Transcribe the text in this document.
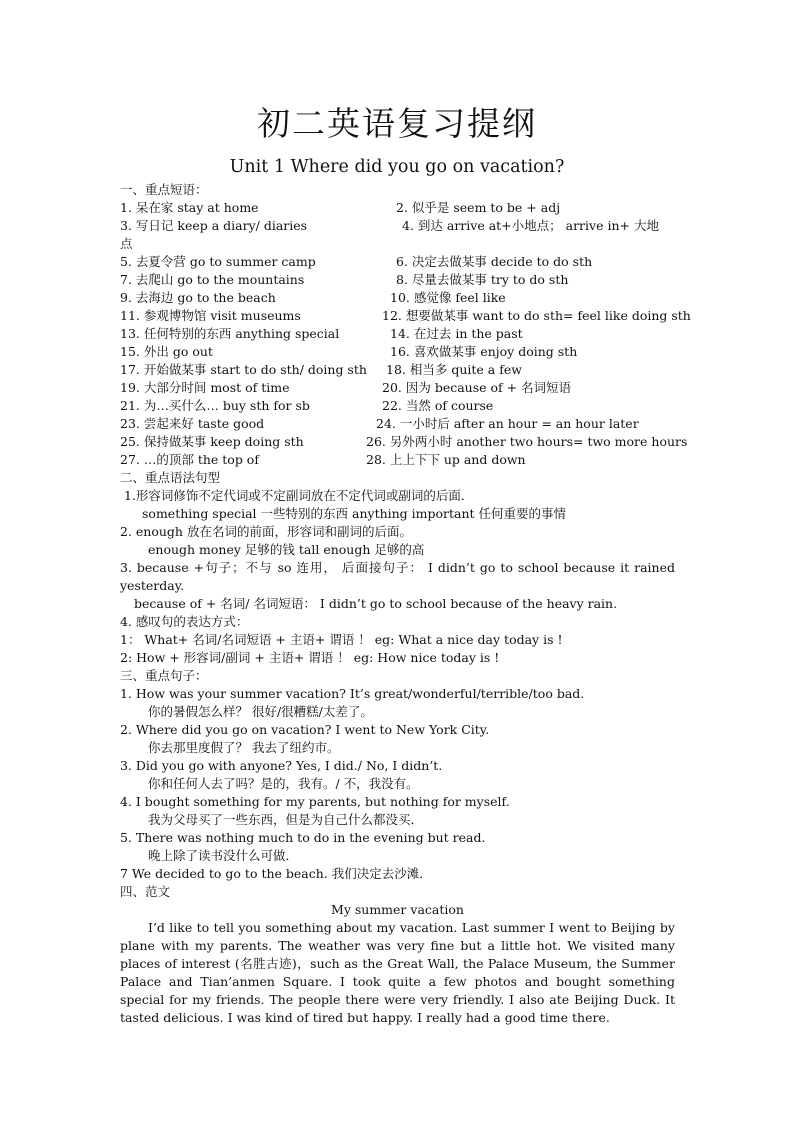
初二英语复习提纲
Unit 1 Where did you go on vacation?
一、重点短语：
1. 呆在家 stay at home	2. 似乎是 seem to be + adj
3. 写日记 keep a diary/ diaries	4. 到达 arrive at+小地点； arrive in+ 大地
点
5. 去夏令营 go to summer camp	6. 决定去做某事 decide to do sth
7. 去爬山 go to the mountains	8. 尽量去做某事 try to do sth
9. 去海边 go to the beach	10. 感觉像 feel like
11. 参观博物馆 visit museums	12. 想要做某事 want to do sth= feel like doing sth
13. 任何特别的东西 anything special	14. 在过去 in the past
15. 外出 go out	16. 喜欢做某事 enjoy doing sth
17. 开始做某事 start to do sth/ doing sth 18. 相当多 quite a few
19. 大部分时间 most of time	20. 因为 because of + 名词短语
21. 为…买什么… buy sth for sb	22. 当然 of course
23. 尝起来好 taste good	24. 一小时后 after an hour = an hour later
25. 保持做某事 keep doing sth	26. 另外两小时 another two hours= two more hours
27. …的顶部 the top of	28. 上上下下 up and down
二、重点语法句型
1.形容词修饰不定代词或不定副词放在不定代词或副词的后面．
something special 一些特别的东西 anything important 任何重要的事情
2. enough 放在名词的前面，形容词和副词的后面。
enough money 足够的钱 tall enough 足够的高
3. because +句子；不与 so 连用， 后面接句子： I didn’t go to school because it rained yesterday.
because of + 名词/ 名词短语： I didn’t go to school because of the heavy rain.
4. 感叹句的表达方式：
1： What+ 名词/名词短语 + 主语+ 谓语 ！ eg: What a nice day today is !
2: How + 形容词/副词 + 主语+ 谓语 ！ eg: How nice today is !
三、重点句子：
1. How was your summer vacation? It’s great/wonderful/terrible/too bad.
你的暑假怎么样？ 很好/很糟糕/太差了。
2. Where did you go on vacation? I went to New York City.
你去那里度假了？ 我去了纽约市。
3. Did you go with anyone? Yes, I did./ No, I didn’t.
你和任何人去了吗？是的，我有。/ 不，我没有。
4. I bought something for my parents, but nothing for myself.
我为父母买了一些东西，但是为自己什么都没买．
5. There was nothing much to do in the evening but read.
晚上除了读书没什么可做．
7 We decided to go to the beach. 我们决定去沙滩．
四、范文
My summer vacation
I’d like to tell you something about my vacation. Last summer I went to Beijing by plane with my parents. The weather was very fine but a little hot. We visited many places of interest (名胜古迹)，such as the Great Wall, the Palace Museum, the Summer Palace and Tian’anmen Square. I took quite a few photos and bought something special for my friends. The people there were very friendly. I also ate Beijing Duck. It tasted delicious. I was kind of tired but happy. I really had a good time there.
